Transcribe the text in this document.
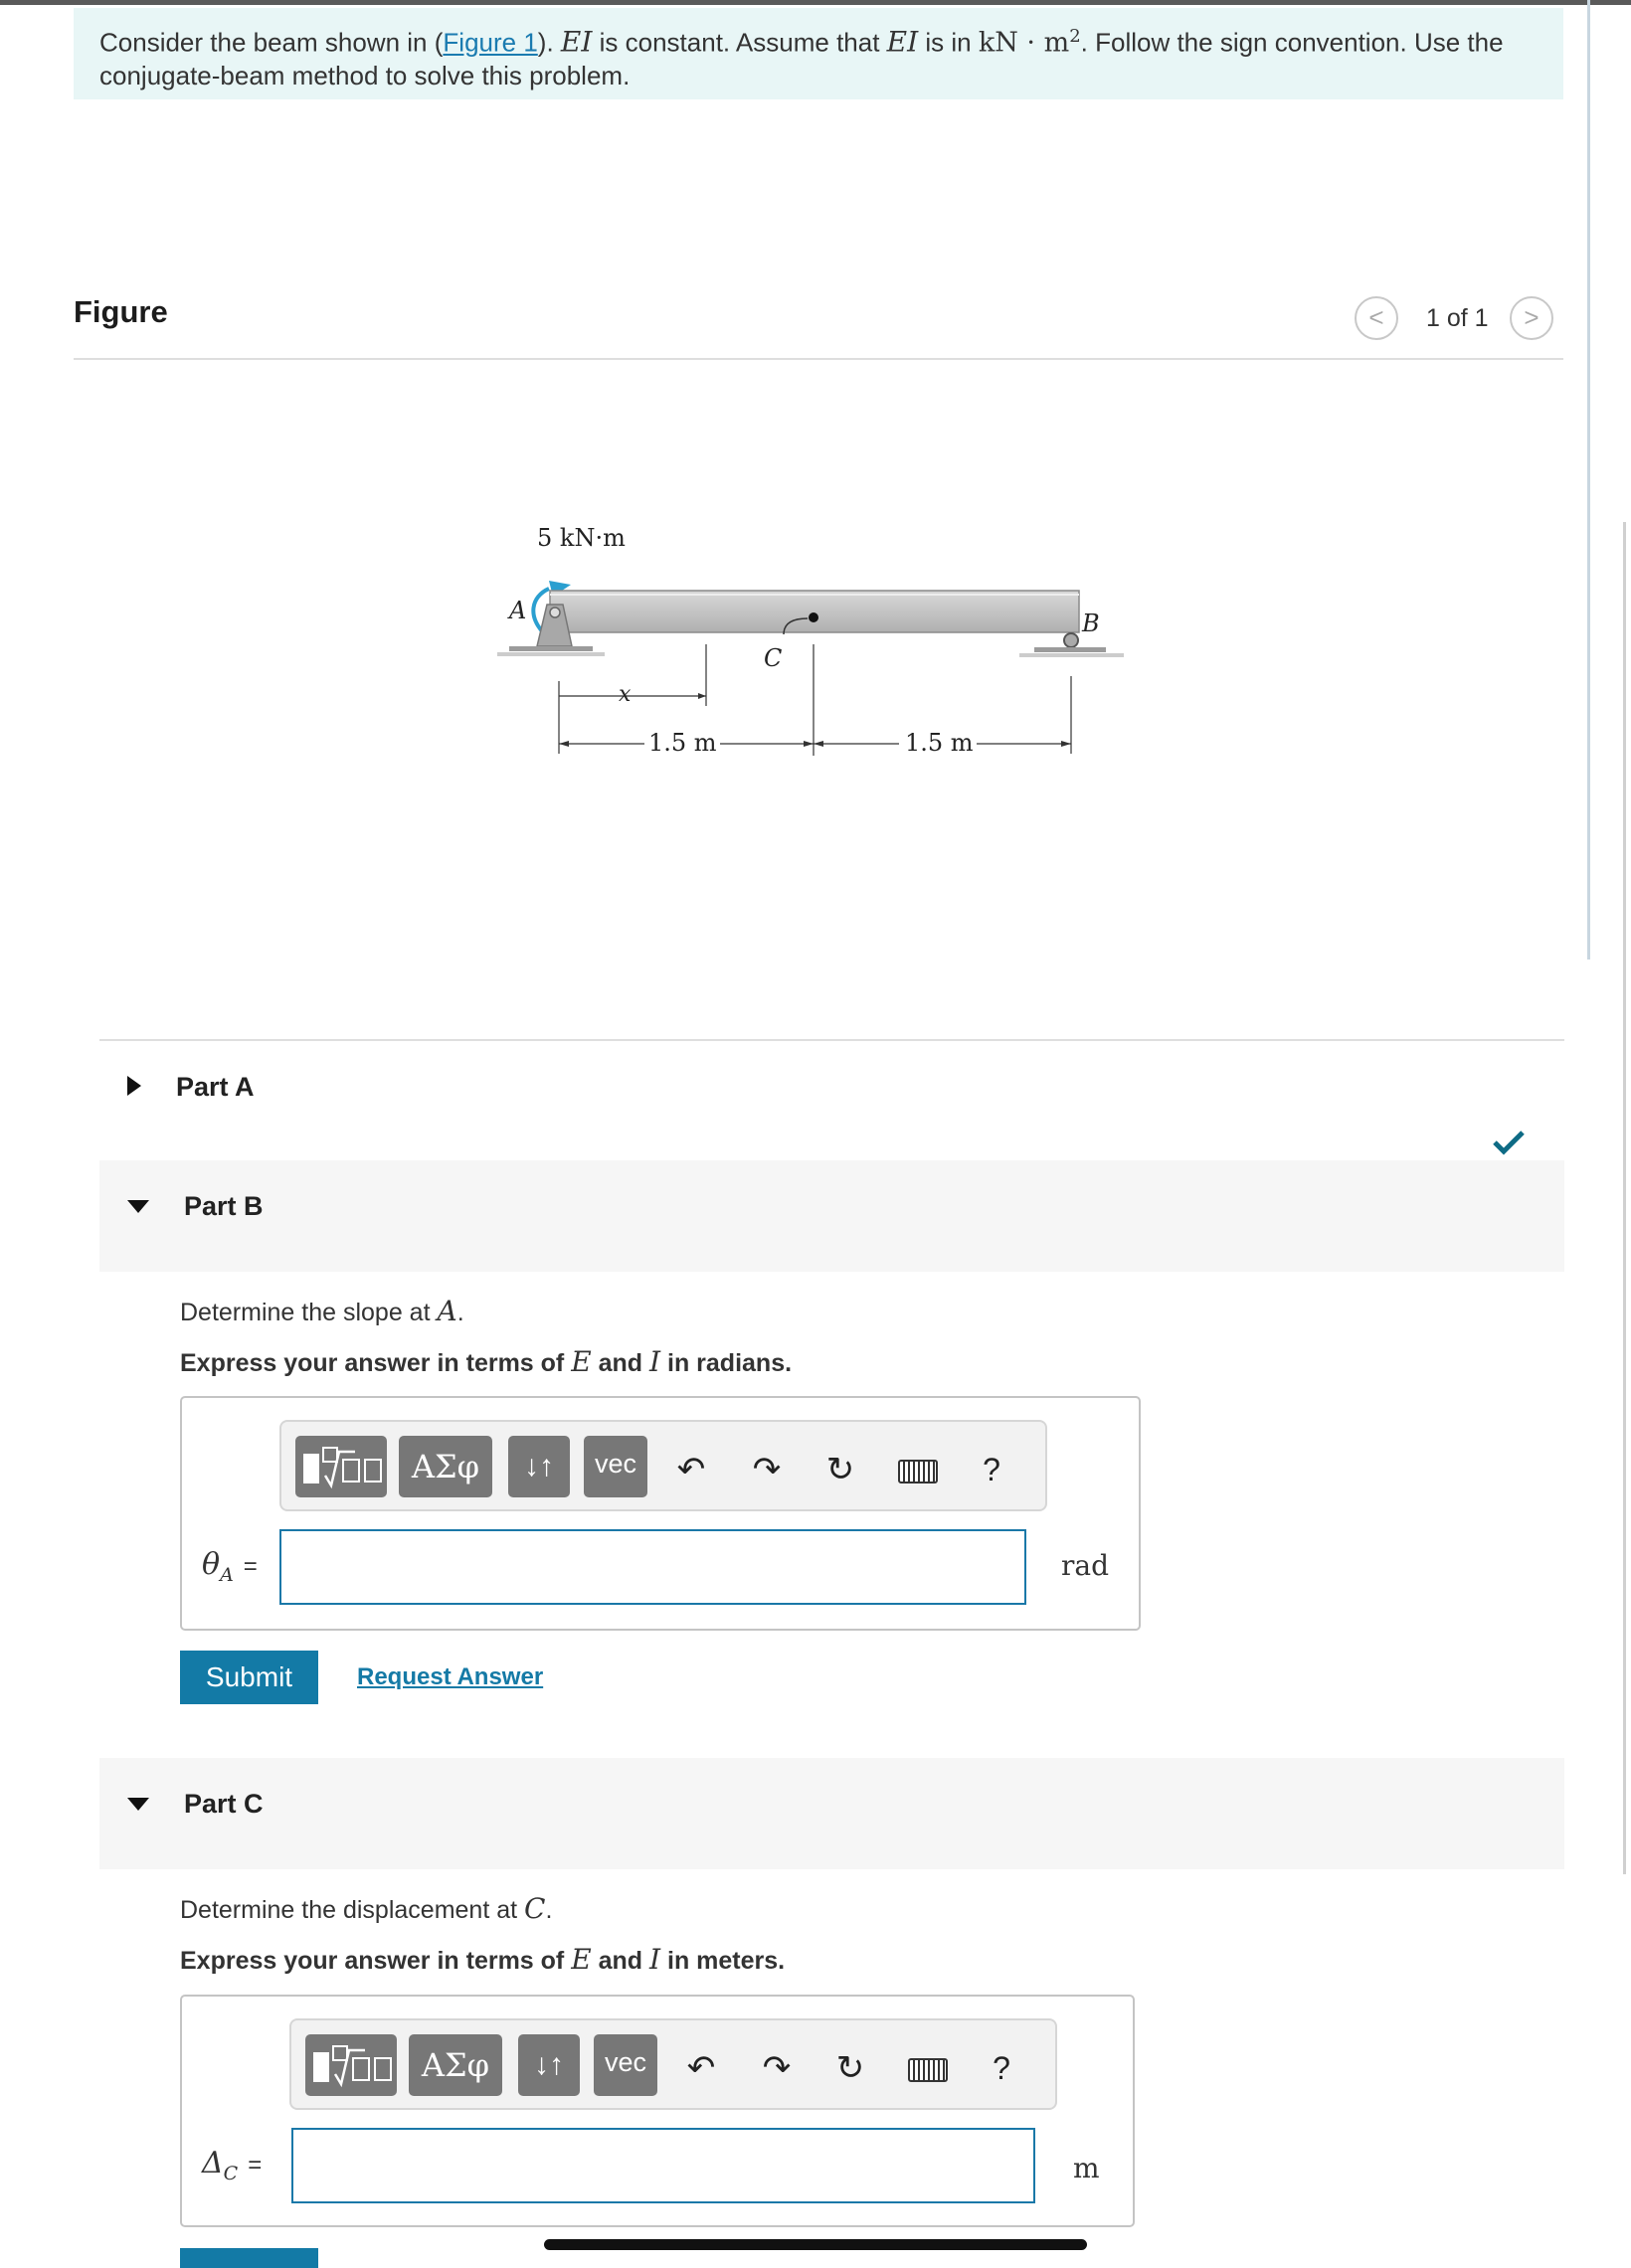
Consider the beam shown in (Figure 1). EI is constant. Assume that EI is in kN · $m^2$. Follow the sign convention. Use the conjugate-beam method to solve this problem.
Figure	<	1 of 1	>
5 kN·m
A	B
C
x
1.5 m	1.5 m
Part A
Part B
Determine the slope at A.
Express your answer in terms of E and I in radians.
ΑΣφ	↓↑	vec	↶ ↷ ↻	?
$\theta_A$ =	rad
Submit	Request Answer
Part C
Determine the displacement at C.
Express your answer in terms of E and I in meters.
ΑΣφ	↓↑	vec	↶ ↷ ↻	?
$\Delta_C$ =	m
